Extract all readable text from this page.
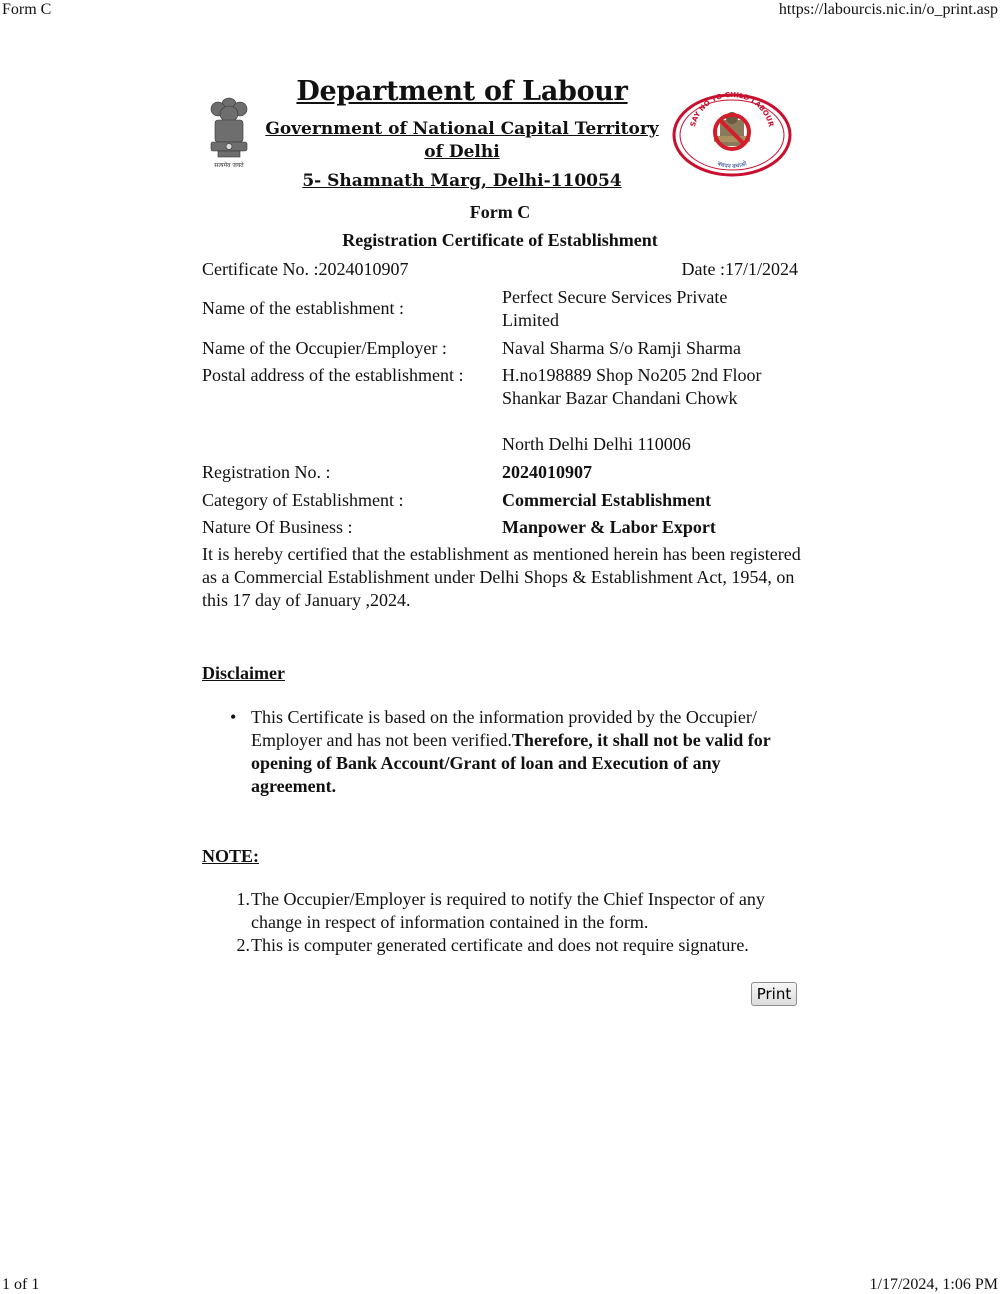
Form C	https://labourcis.nic.in/o_print.asp
सत्यमेव जयते
Department of Labour
Government of National Capital Territory of Delhi
5- Shamnath Marg, Delhi-110054
SAY NO TO CHILD LABOUR
बचपन बचाओ
Form C
Registration Certificate of Establishment
Certificate No. :2024010907	Date :17/1/2024
Name of the establishment :
Perfect Secure Services Private Limited
Name of the Occupier/Employer :	Naval Sharma S/o Ramji Sharma
Postal address of the establishment : H.no198889 Shop No205 2nd Floor Shankar Bazar Chandani Chowk
North Delhi Delhi 110006
Registration No. :	2024010907
Category of Establishment :	Commercial Establishment
Nature Of Business :	Manpower & Labor Export
It is hereby certified that the establishment as mentioned herein has been registered as a Commercial Establishment under Delhi Shops & Establishment Act, 1954, on this 17 day of January ,2024.
Disclaimer
• This Certificate is based on the information provided by the Occupier/ Employer and has not been verified.Therefore, it shall not be valid for opening of Bank Account/Grant of loan and Execution of any agreement.
NOTE:
1. The Occupier/Employer is required to notify the Chief Inspector of any change in respect of information contained in the form.
2. This is computer generated certificate and does not require signature.
Print
1 of 1	1/17/2024, 1:06 PM
